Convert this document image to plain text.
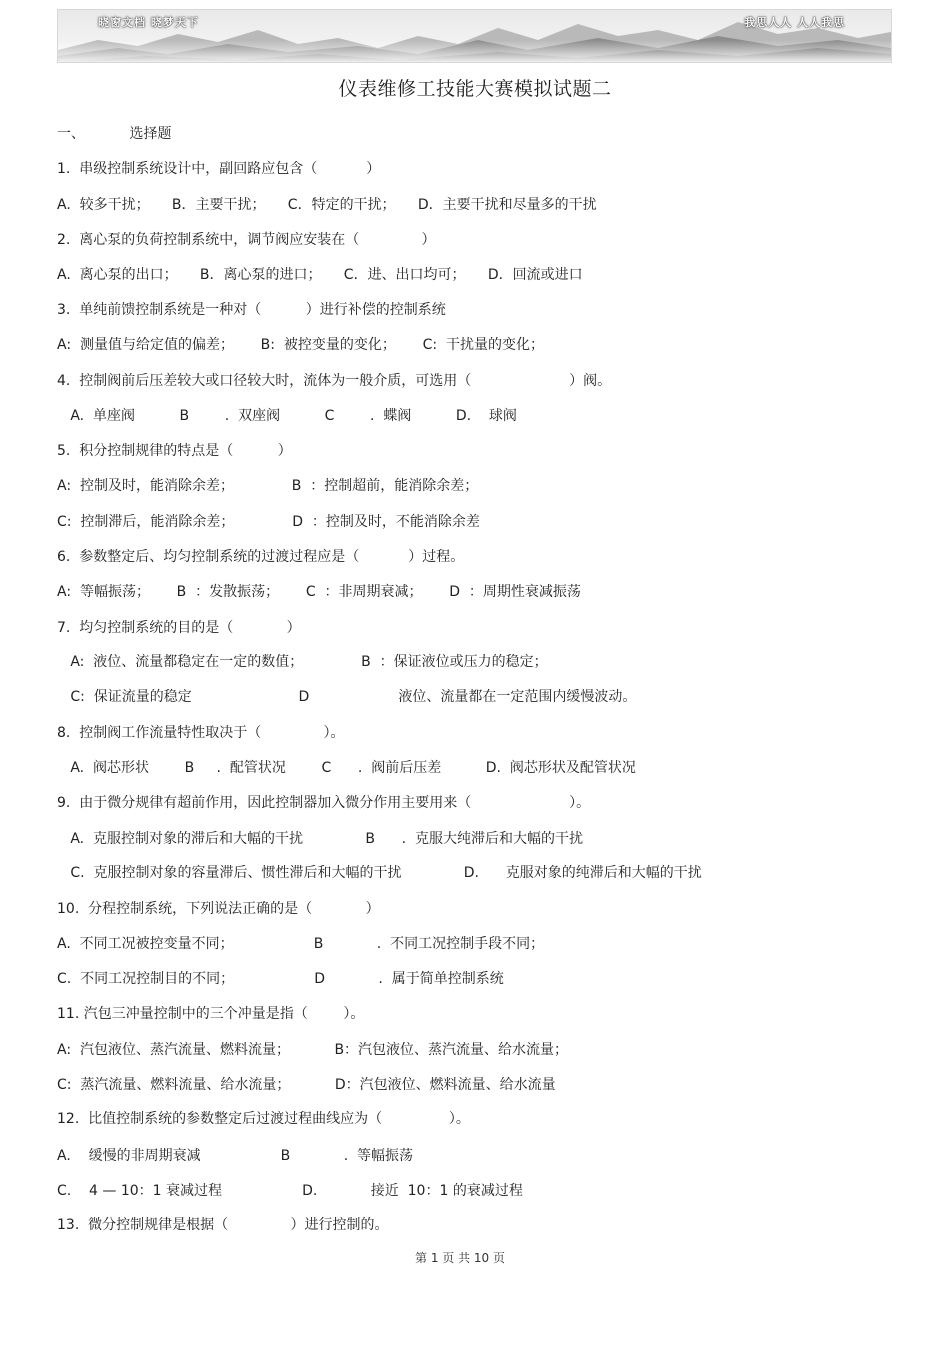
晓窗文档 晓梦天下	我思人人 人人我思
仪表维修工技能大赛模拟试题二
一、          选择题
1.  串级控制系统设计中，副回路应包含（           ）
A.  较多干扰；     B．主要干扰；     C．特定的干扰；     D．主要干扰和尽量多的干扰
2.  离心泵的负荷控制系统中，调节阀应安装在（              ）
A.  离心泵的出口；     B．离心泵的进口；     C．进、出口均可；     D．回流或进口
3.  单纯前馈控制系统是一种对（          ）进行补偿的控制系统
A:  测量值与给定值的偏差；      B:  被控变量的变化；      C:  干扰量的变化；
4.  控制阀前后压差较大或口径较大时，流体为一般介质，可选用（                      ）阀。
A.  单座阀          B        .  双座阀          C        .  蝶阀          D.    球阀
5.  积分控制规律的特点是（          ）
A:  控制及时，能消除余差；             B  ：控制超前，能消除余差；
C:  控制滞后，能消除余差；             D  ：控制及时，不能消除余差
6.  参数整定后、均匀控制系统的过渡过程应是（           ）过程。
A:  等幅振荡；      B  ：发散振荡；      C  ：非周期衰减；      D  ：周期性衰减振荡
7.  均匀控制系统的目的是（            ）
A:  液位、流量都稳定在一定的数值；             B  ：保证液位或压力的稳定；
C:  保证流量的稳定                        D                    液位、流量都在一定范围内缓慢波动。
8.  控制阀工作流量特性取决于（              ）。
A.  阀芯形状        B     .  配管状况        C      .  阀前后压差          D.  阀芯形状及配管状况
9.  由于微分规律有超前作用，因此控制器加入微分作用主要用来（                      ）。
A.  克服控制对象的滞后和大幅的干扰              B      .  克服大纯滞后和大幅的干扰
C.  克服控制对象的容量滞后、惯性滞后和大幅的干扰              D.      克服对象的纯滞后和大幅的干扰
10.  分程控制系统，下列说法正确的是（            ）
A.  不同工况被控变量不同；                  B            .  不同工况控制手段不同；
C.  不同工况控制目的不同；                  D            .  属于简单控制系统
11. 汽包三冲量控制中的三个冲量是指（        ）。
A:  汽包液位、蒸汽流量、燃料流量；          B：汽包液位、蒸汽流量、给水流量；
C:  蒸汽流量、燃料流量、给水流量；          D：汽包液位、燃料流量、给水流量
12.  比值控制系统的参数整定后过渡过程曲线应为（               ）。
A.    缓慢的非周期衰减                  B            .  等幅振荡
C.    4 — 10：1 衰减过程                  D.            接近  10：1 的衰减过程
13.  微分控制规律是根据（              ）进行控制的。
第 1 页 共 10 页
